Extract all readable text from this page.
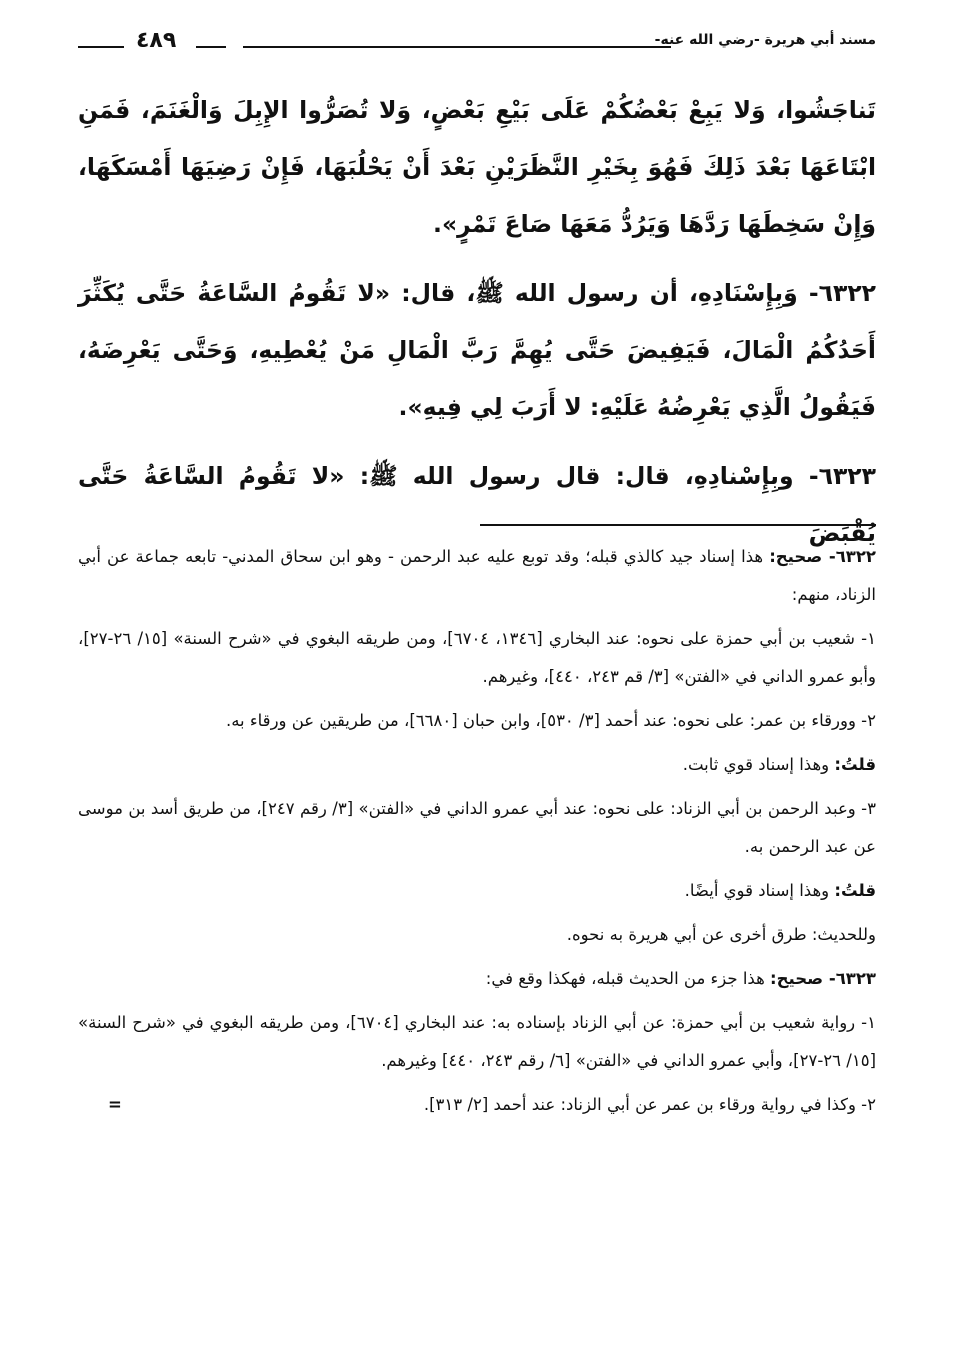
مسند أبي هريرة -رضي الله عنه-
٤٨٩

تَناجَشُوا، وَلا يَبِعْ بَعْضُكُمْ عَلَى بَيْعِ بَعْضٍ، وَلا تُصَرُّوا الإِبِلَ وَالْغَنَمَ، فَمَنِ ابْتَاعَهَا بَعْدَ ذَلِكَ فَهُوَ بِخَيْرِ النَّظَرَيْنِ بَعْدَ أَنْ يَحْلُبَهَا، فَإِنْ رَضِيَهَا أَمْسَكَهَا، وَإِنْ سَخِطَهَا رَدَّهَا وَيَرُدُّ مَعَهَا صَاعَ تَمْرٍ».

٦٣٢٢- وَبِإِسْنَادِهِ، أن رسول الله ﷺ، قال: «لا تَقُومُ السَّاعَةُ حَتَّى يُكَثِّرَ أَحَدُكُمُ الْمَالَ، فَيَفِيضَ حَتَّى يُهِمَّ رَبَّ الْمَالِ مَنْ يُعْطِيهِ، وَحَتَّى يَعْرِضَهُ، فَيَقُولُ الَّذِي يَعْرِضُهُ عَلَيْهِ: لا أَرَبَ لِي فِيهِ».

٦٣٢٣- وبِإِسْنادِهِ، قال: قال رسول الله ﷺ: «لا تَقُومُ السَّاعَةُ حَتَّى يُقْبَضَ

٦٣٢٢- صحيح: هذا إسناد جيد كالذي قبله؛ وقد توبع عليه عبد الرحمن - وهو ابن سحاق المدني- تابعه جماعة عن أبي الزناد، منهم:

١- شعيب بن أبي حمزة على نحوه: عند البخاري [١٣٤٦، ٦٧٠٤]، ومن طريقه البغوي في «شرح السنة» [١٥/ ٢٦-٢٧]، وأبو عمرو الداني في «الفتن» [٣/ قم ٢٤٣، ٤٤٠]، وغيرهم.

٢- وورقاء بن عمر: على نحوه: عند أحمد [٣/ ٥٣٠]، وابن حبان [٦٦٨٠]، من طريقين عن ورقاء به.

قلتُ: وهذا إسناد قوي ثابت.

٣- وعبد الرحمن بن أبي الزناد: على نحوه: عند أبي عمرو الداني في «الفتن» [٣/ رقم ٢٤٧]، من طريق أسد بن موسى عن عبد الرحمن به.

قلتُ: وهذا إسناد قوي أيضًا.

وللحديث: طرق أخرى عن أبي هريرة به نحوه.

٦٣٢٣- صحيح: هذا جزء من الحديث قبله، فهكذا وقع في:

١- رواية شعيب بن أبي حمزة: عن أبي الزناد بإسناده به: عند البخاري [٦٧٠٤]، ومن طريقه البغوي في «شرح السنة» [١٥/ ٢٦-٢٧]، وأبي عمرو الداني في «الفتن» [٦/ رقم ٢٤٣، ٤٤٠] وغيرهم.

٢- وكذا في رواية ورقاء بن عمر عن أبي الزناد: عند أحمد [٢/ ٣١٣].
=
